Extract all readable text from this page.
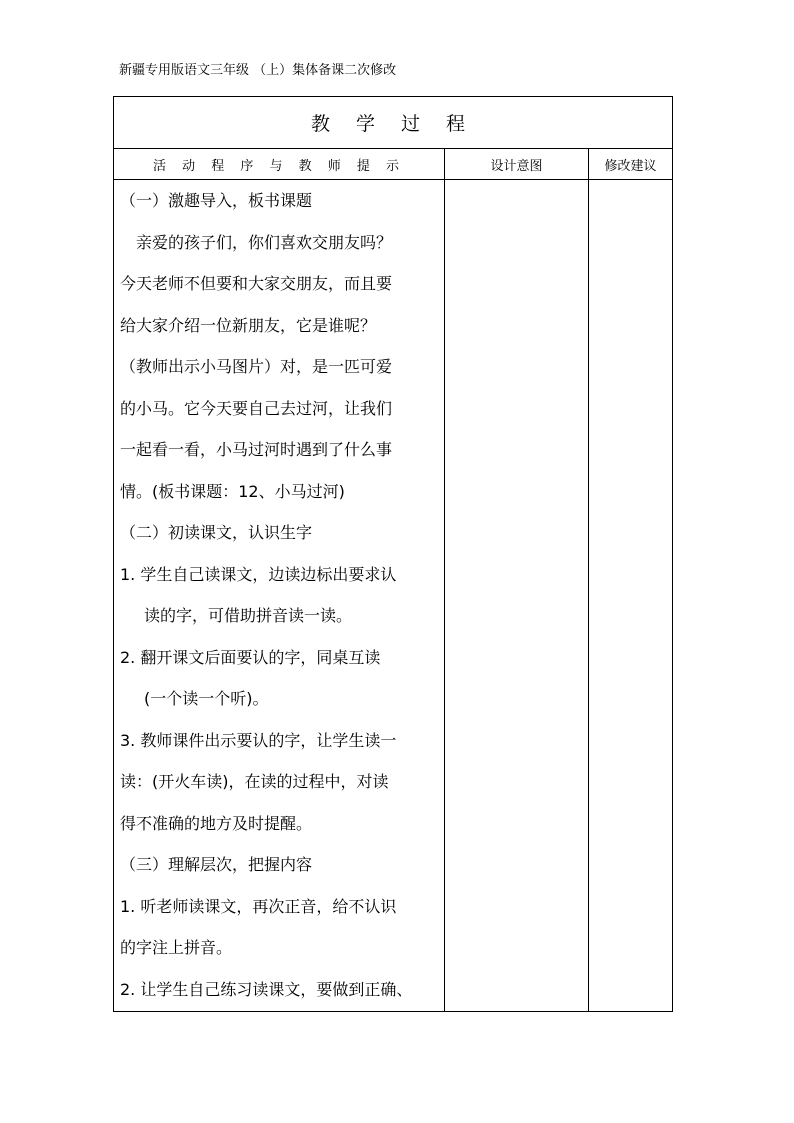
新疆专用版语文三年级 （上）集体备课二次修改
教 学 过 程
活 动 程 序 与 教 师 提 示	设计意图	修改建议
（一）激趣导入，板书课题
亲爱的孩子们，你们喜欢交朋友吗？
今天老师不但要和大家交朋友，而且要
给大家介绍一位新朋友，它是谁呢？
（教师出示小马图片）对，是一匹可爱
的小马。它今天要自己去过河，让我们
一起看一看，小马过河时遇到了什么事
情。(板书课题：12、小马过河)
（二）初读课文，认识生字
1. 学生自己读课文，边读边标出要求认
读的字，可借助拼音读一读。
2. 翻开课文后面要认的字，同桌互读
(一个读一个听)。
3. 教师课件出示要认的字，让学生读一
读：(开火车读)，在读的过程中，对读
得不准确的地方及时提醒。
（三）理解层次，把握内容
1. 听老师读课文，再次正音，给不认识
的字注上拼音。
2. 让学生自己练习读课文，要做到正确、
